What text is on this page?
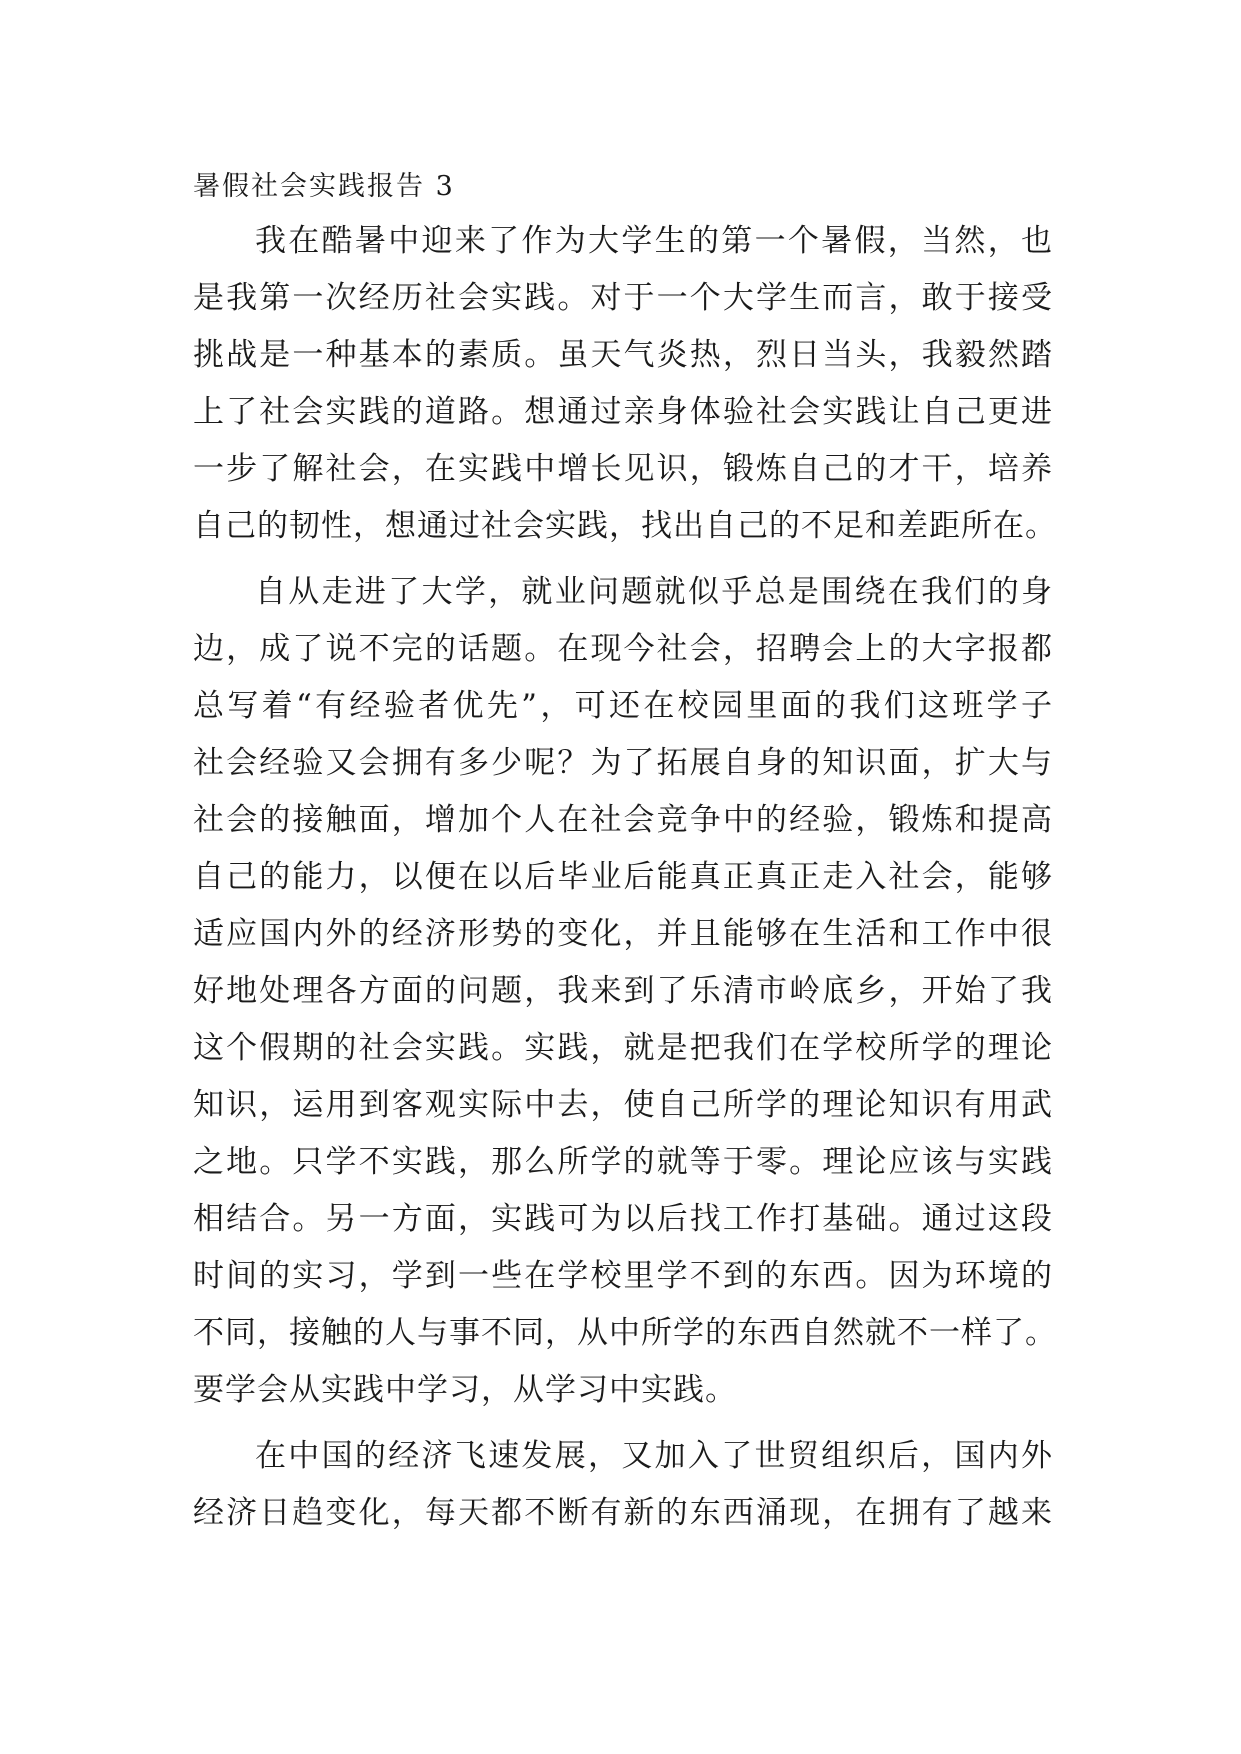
暑假社会实践报告 3
我在酷暑中迎来了作为大学生的第一个暑假，当然，也
是我第一次经历社会实践。对于一个大学生而言，敢于接受
挑战是一种基本的素质。虽天气炎热，烈日当头，我毅然踏
上了社会实践的道路。想通过亲身体验社会实践让自己更进
一步了解社会，在实践中增长见识，锻炼自己的才干，培养
自己的韧性，想通过社会实践，找出自己的不足和差距所在。
自从走进了大学，就业问题就似乎总是围绕在我们的身
边，成了说不完的话题。在现今社会，招聘会上的大字报都
总写着“有经验者优先”，可还在校园里面的我们这班学子
社会经验又会拥有多少呢？为了拓展自身的知识面，扩大与
社会的接触面，增加个人在社会竞争中的经验，锻炼和提高
自己的能力，以便在以后毕业后能真正真正走入社会，能够
适应国内外的经济形势的变化，并且能够在生活和工作中很
好地处理各方面的问题，我来到了乐清市岭底乡，开始了我
这个假期的社会实践。实践，就是把我们在学校所学的理论
知识，运用到客观实际中去，使自己所学的理论知识有用武
之地。只学不实践，那么所学的就等于零。理论应该与实践
相结合。另一方面，实践可为以后找工作打基础。通过这段
时间的实习，学到一些在学校里学不到的东西。因为环境的
不同，接触的人与事不同，从中所学的东西自然就不一样了。
要学会从实践中学习，从学习中实践。
在中国的经济飞速发展，又加入了世贸组织后，国内外
经济日趋变化，每天都不断有新的东西涌现，在拥有了越来
